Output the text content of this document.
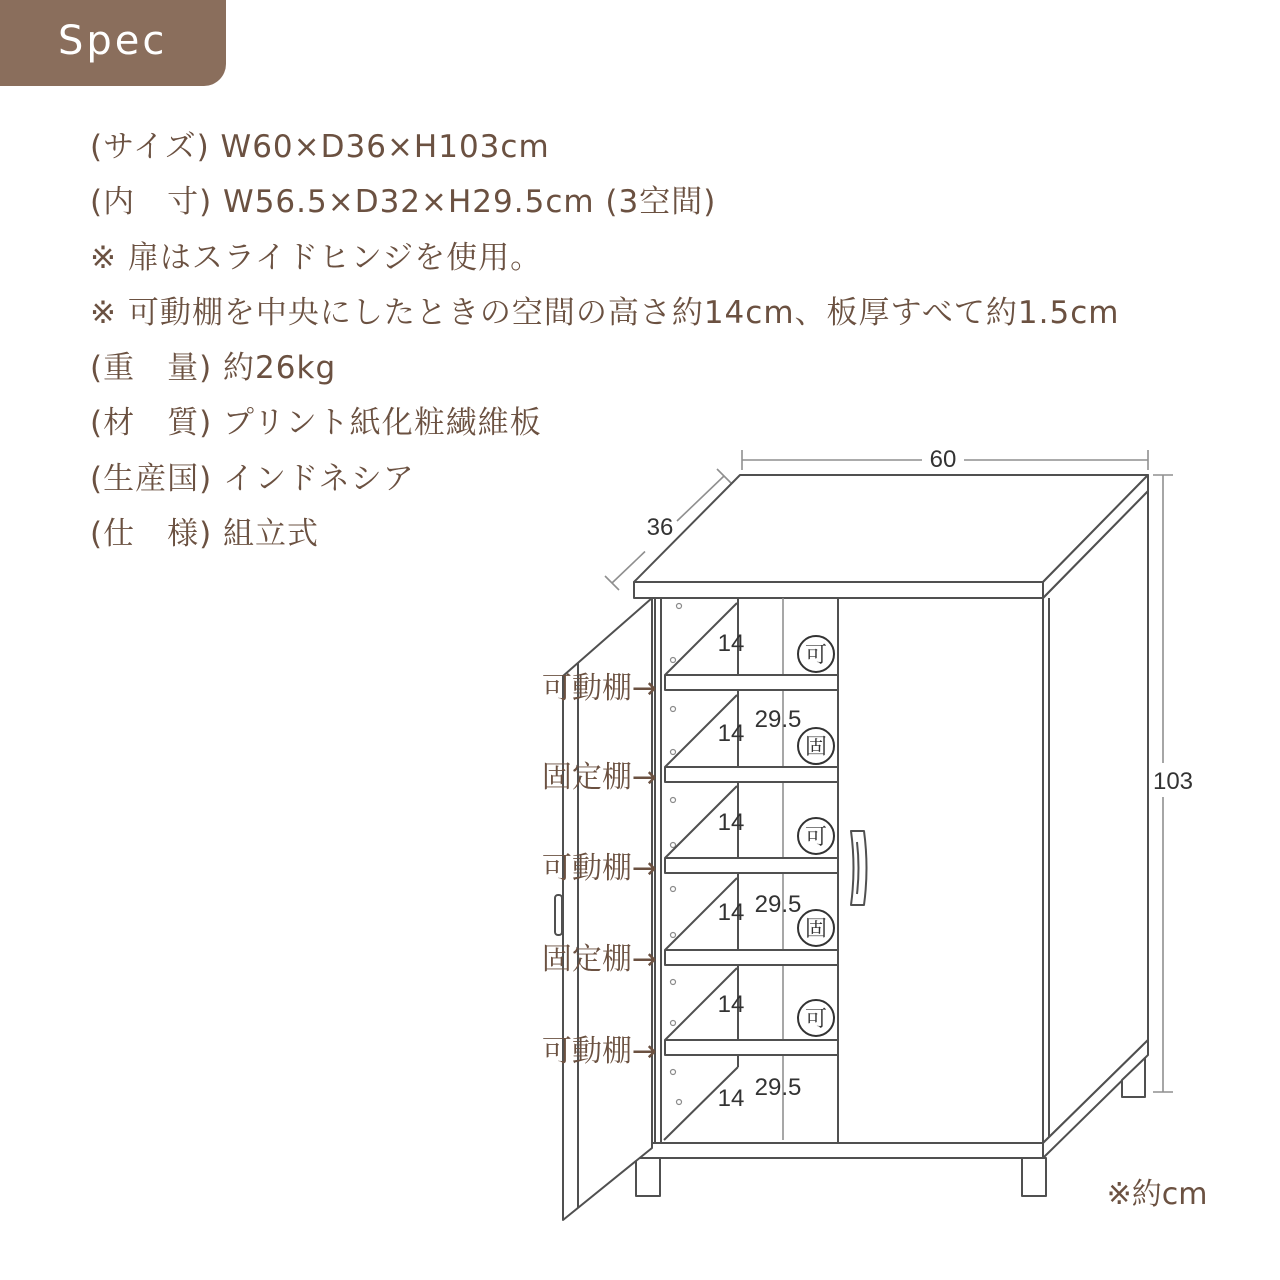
Spec
(サイズ) W60×D36×H103cm
(内　寸) W56.5×D32×H29.5cm (3空間)
※ 扉はスライドヒンジを使用。
※ 可動棚を中央にしたときの空間の高さ約14cm、板厚すべて約1.5cm
(重　量) 約26kg
(材　質) プリント紙化粧繊維板
(生産国) インドネシア
(仕　様) 組立式
60
36
103
14
14
14
14
14
14
29.5
29.5
29.5
可
固
可
固
可
可動棚→
固定棚→
可動棚→
固定棚→
可動棚→
※約cm
